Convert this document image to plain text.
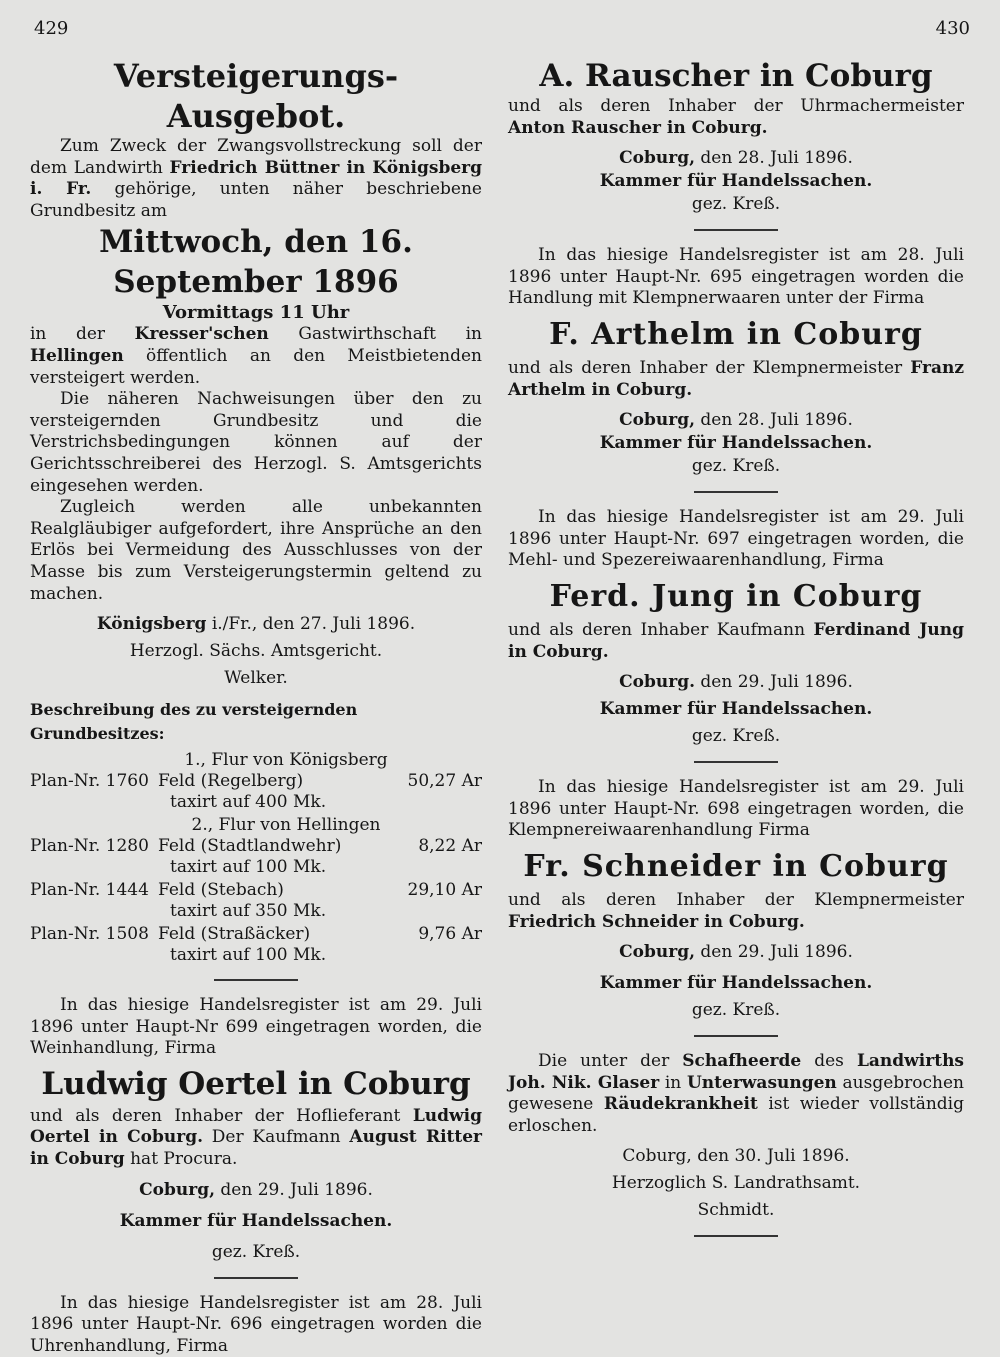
429	430
Versteigerungs-Ausgebot.

Zum Zweck der Zwangsvollstreckung soll der dem Landwirth Friedrich Büttner in Königsberg i. Fr. gehörige, unten näher beschriebene Grundbesitz am

Mittwoch, den 16. September 1896
Vormittags 11 Uhr

in der Kresser'schen Gastwirthschaft in Hellingen öffentlich an den Meistbietenden versteigert werden.

Die näheren Nachweisungen über den zu versteigernden Grundbesitz und die Verstrichsbedingungen können auf der Gerichtsschreiberei des Herzogl. S. Amtsgerichts eingesehen werden.

Zugleich werden alle unbekannten Realgläubiger aufgefordert, ihre Ansprüche an den Erlös bei Vermeidung des Ausschlusses von der Masse bis zum Versteigerungstermin geltend zu machen.

Königsberg i./Fr., den 27. Juli 1896.

Herzogl. Sächs. Amtsgericht.

Welker.

Beschreibung des zu versteigernden Grundbesitzes:

1., Flur von Königsberg

Plan-Nr. 1760 Feld (Regelberg)	50,27 Ar

taxirt auf 400 Mk.

2., Flur von Hellingen

Plan-Nr. 1280 Feld (Stadtlandwehr)	8,22 Ar

taxirt auf 100 Mk.

Plan-Nr. 1444 Feld (Stebach)	29,10 Ar

taxirt auf 350 Mk.

Plan-Nr. 1508 Feld (Straßäcker)	9,76 Ar

taxirt auf 100 Mk.

In das hiesige Handelsregister ist am 29. Juli 1896 unter Haupt-Nr 699 eingetragen worden, die Weinhandlung, Firma

Ludwig Oertel in Coburg

und als deren Inhaber der Hoflieferant Ludwig Oertel in Coburg. Der Kaufmann August Ritter in Coburg hat Procura.

Coburg, den 29. Juli 1896.

Kammer für Handelssachen.

gez. Kreß.

In das hiesige Handelsregister ist am 28. Juli 1896 unter Haupt-Nr. 696 eingetragen worden die Uhrenhandlung, Firma

A. Rauscher in Coburg

und als deren Inhaber der Uhrmachermeister Anton Rauscher in Coburg.

Coburg, den 28. Juli 1896.

Kammer für Handelssachen.

gez. Kreß.

In das hiesige Handelsregister ist am 28. Juli 1896 unter Haupt-Nr. 695 eingetragen worden die Handlung mit Klempnerwaaren unter der Firma

F. Arthelm in Coburg

und als deren Inhaber der Klempnermeister Franz Arthelm in Coburg.

Coburg, den 28. Juli 1896.

Kammer für Handelssachen.

gez. Kreß.

In das hiesige Handelsregister ist am 29. Juli 1896 unter Haupt-Nr. 697 eingetragen worden, die Mehl- und Spezereiwaarenhandlung, Firma

Ferd. Jung in Coburg

und als deren Inhaber Kaufmann Ferdinand Jung in Coburg.

Coburg. den 29. Juli 1896.

Kammer für Handelssachen.

gez. Kreß.

In das hiesige Handelsregister ist am 29. Juli 1896 unter Haupt-Nr. 698 eingetragen worden, die Klempnereiwaarenhandlung Firma

Fr. Schneider in Coburg

und als deren Inhaber der Klempnermeister Friedrich Schneider in Coburg.

Coburg, den 29. Juli 1896.

Kammer für Handelssachen.

gez. Kreß.

Die unter der Schafheerde des Landwirths Joh. Nik. Glaser in Unterwasungen ausgebrochen gewesene Räudekrankheit ist wieder vollständig erloschen.

Coburg, den 30. Juli 1896.

Herzoglich S. Landrathsamt.

Schmidt.
